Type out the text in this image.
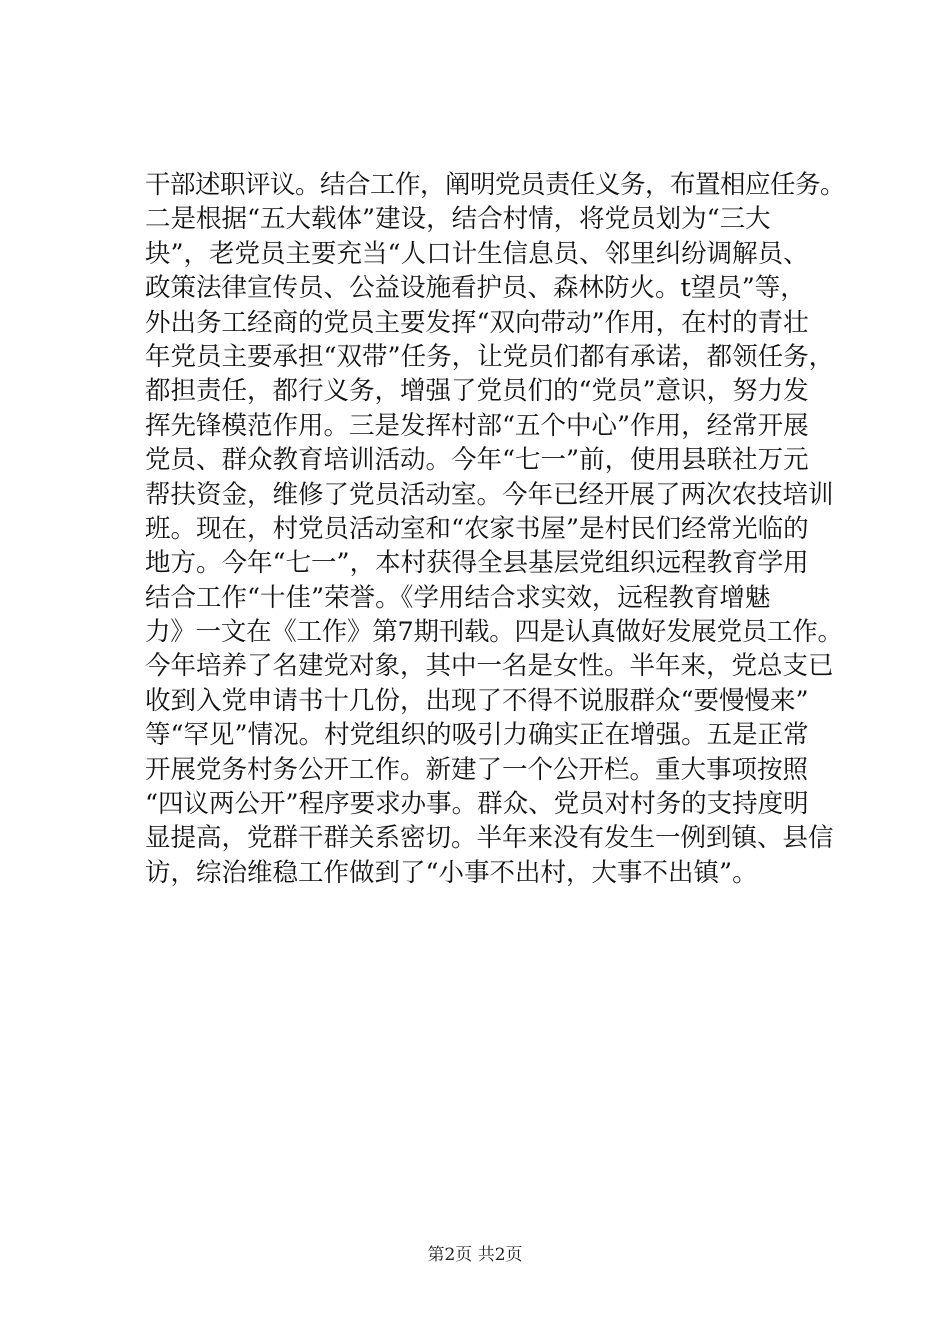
干部述职评议。结合工作，阐明党员责任义务，布置相应任务。
二是根据“五大载体”建设，结合村情，将党员划为“三大
块”，老党员主要充当“人口计生信息员、邻里纠纷调解员、
政策法律宣传员、公益设施看护员、森林防火。t望员”等，
外出务工经商的党员主要发挥“双向带动”作用，在村的青壮
年党员主要承担“双带”任务，让党员们都有承诺，都领任务，
都担责任，都行义务，增强了党员们的“党员”意识，努力发
挥先锋模范作用。三是发挥村部“五个中心”作用，经常开展
党员、群众教育培训活动。今年“七一”前，使用县联社万元
帮扶资金，维修了党员活动室。今年已经开展了两次农技培训
班。现在，村党员活动室和“农家书屋”是村民们经常光临的
地方。今年“七一”，本村获得全县基层党组织远程教育学用
结合工作“十佳”荣誉。《学用结合求实效，远程教育增魅
力》一文在《工作》第7期刊载。四是认真做好发展党员工作。
今年培养了名建党对象，其中一名是女性。半年来，党总支已
收到入党申请书十几份，出现了不得不说服群众“要慢慢来”
等“罕见”情况。村党组织的吸引力确实正在增强。五是正常
开展党务村务公开工作。新建了一个公开栏。重大事项按照
“四议两公开”程序要求办事。群众、党员对村务的支持度明
显提高，党群干群关系密切。半年来没有发生一例到镇、县信
访，综治维稳工作做到了“小事不出村，大事不出镇”。
第2页 共2页
